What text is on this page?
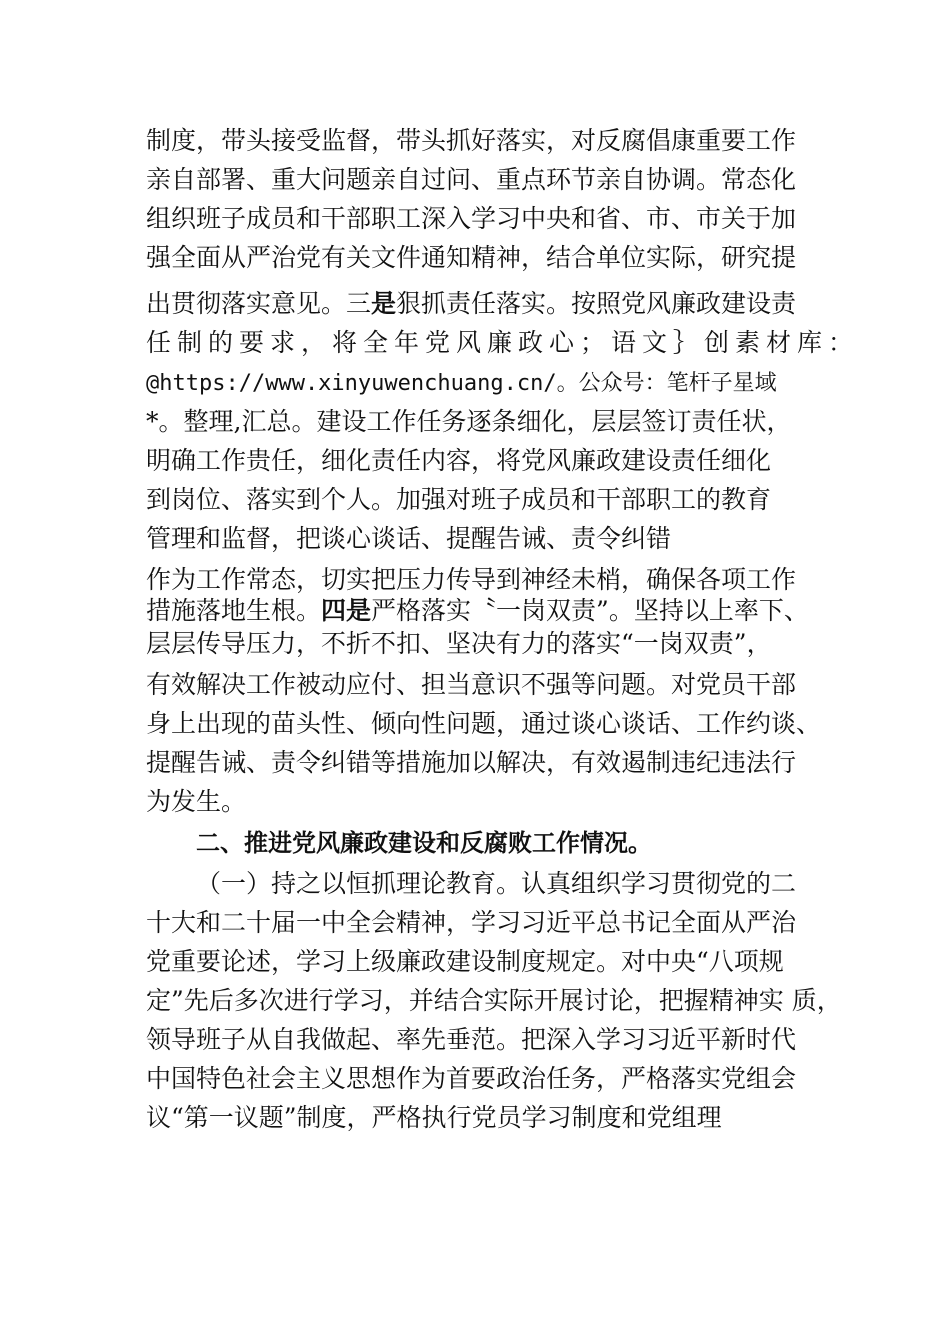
制度，带头接受监督，带头抓好落实，对反腐倡康重要工作
亲自部署、重大问题亲自过问、重点环节亲自协调。常态化
组织班子成员和干部职工深入学习中央和省、市、市关于加
强全面从严治党有关文件通知精神，结合单位实际，研究提
出贯彻落实意见。三是狠抓责任落实。按照党风廉政建设责
任制的要求，将全年党风廉政心；语文｝创素材库：
@https://www.xinyuwenchuang.cn/。公众号：笔杆子星域
*。整理,汇总。建设工作任务逐条细化，层层签订责任状，
明确工作贵任，细化责任内容，将党风廉政建设责任细化
到岗位、落实到个人。加强对班子成员和干部职工的教育
管理和监督，把谈心谈话、提醒告诫、责令纠错
作为工作常态，切实把压力传导到神经未梢，确保各项工作
措施落地生根。四是严格落实〝一岗双责”。坚持以上率下、
层层传导压力，不折不扣、坚决有力的落实“一岗双责”，
有效解决工作被动应付、担当意识不强等问题。对党员干部
身上出现的苗头性、倾向性问题，通过谈心谈话、工作约谈、
提醒告诫、责令纠错等措施加以解决，有效遏制违纪违法行
为发生。
二、推进党风廉政建设和反腐败工作情况。
（一）持之以恒抓理论教育。认真组织学习贯彻党的二
十大和二十届一中全会精神，学习习近平总书记全面从严治
党重要论述，学习上级廉政建设制度规定。对中央“八项规
定”先后多次进行学习，并结合实际开展讨论，把握精神实 质，
领导班子从自我做起、率先垂范。把深入学习习近平新时代
中国特色社会主义思想作为首要政治任务，严格落实党组会
议“第一议题”制度，严格执行党员学习制度和党组理
